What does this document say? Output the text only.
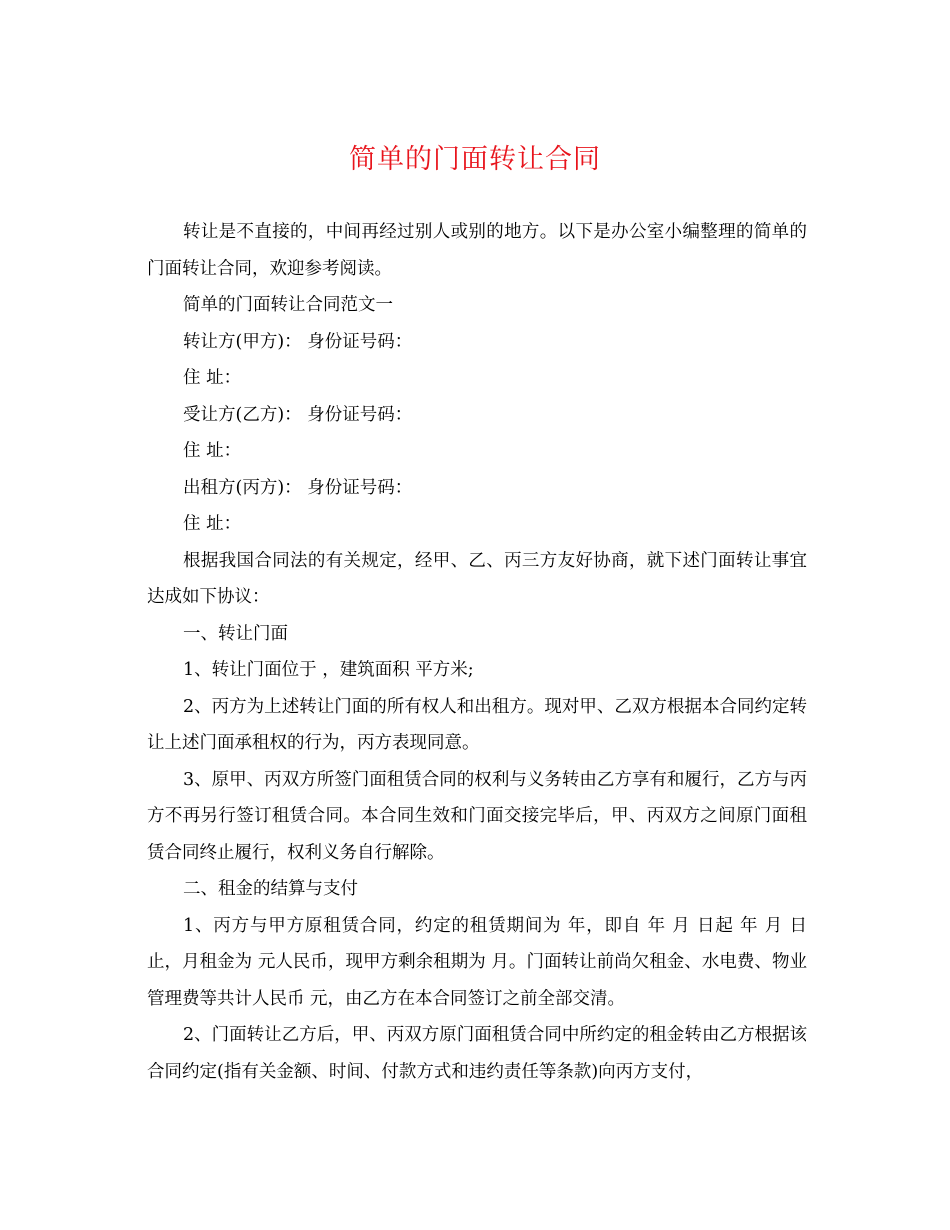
简单的门面转让合同

转让是不直接的，中间再经过别人或别的地方。以下是办公室小编整理的简单的门面转让合同，欢迎参考阅读。

简单的门面转让合同范文一

转让方(甲方)： 身份证号码：

住 址：

受让方(乙方)： 身份证号码：

住 址：

出租方(丙方)： 身份证号码：

住 址：

根据我国合同法的有关规定，经甲、乙、丙三方友好协商，就下述门面转让事宜达成如下协议：

一、转让门面

1、转让门面位于 ，建筑面积 平方米;

2、丙方为上述转让门面的所有权人和出租方。现对甲、乙双方根据本合同约定转让上述门面承租权的行为，丙方表现同意。

3、原甲、丙双方所签门面租赁合同的权利与义务转由乙方享有和履行，乙方与丙方不再另行签订租赁合同。本合同生效和门面交接完毕后，甲、丙双方之间原门面租赁合同终止履行，权利义务自行解除。

二、租金的结算与支付

1、丙方与甲方原租赁合同，约定的租赁期间为 年，即自 年 月 日起 年 月 日止，月租金为 元人民币，现甲方剩余租期为 月。门面转让前尚欠租金、水电费、物业管理费等共计人民币 元，由乙方在本合同签订之前全部交清。

2、门面转让乙方后，甲、丙双方原门面租赁合同中所约定的租金转由乙方根据该合同约定(指有关金额、时间、付款方式和违约责任等条款)向丙方支付，
